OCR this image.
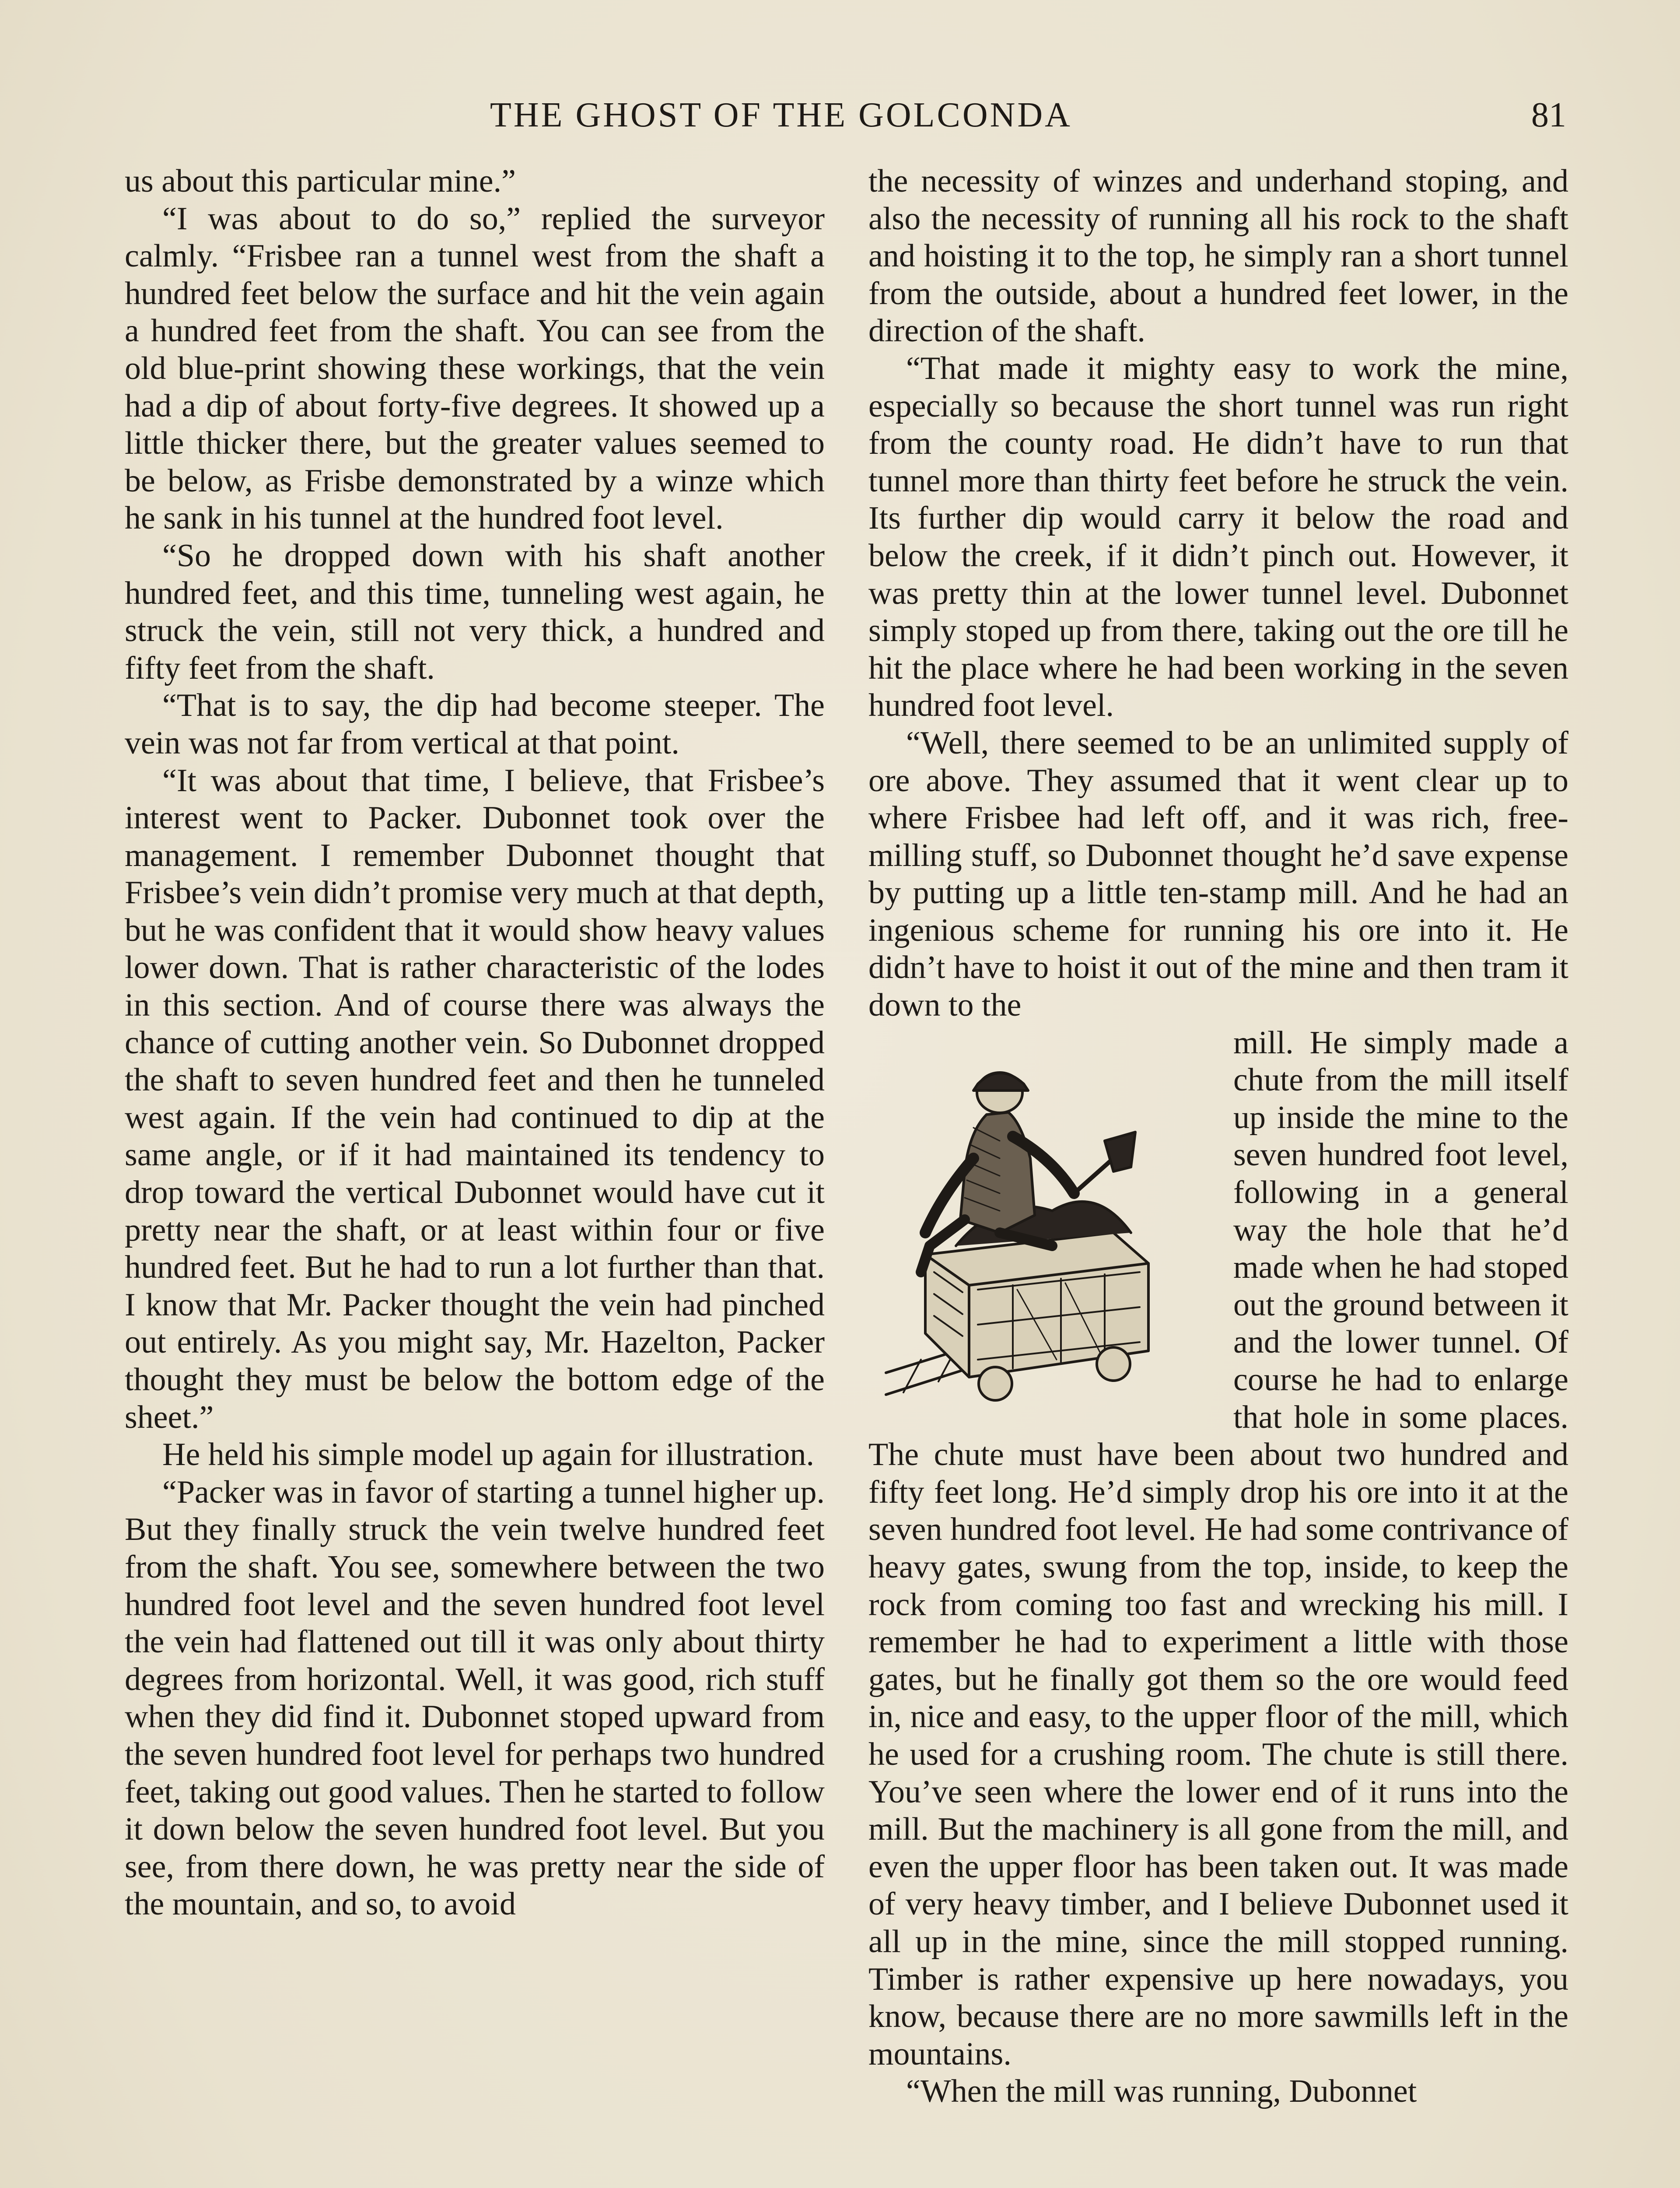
THE GHOST OF THE GOLCONDA	81

us about this particular mine.”

“I was about to do so,” replied the surveyor calmly. “Frisbee ran a tunnel west from the shaft a hundred feet below the surface and hit the vein again a hundred feet from the shaft. You can see from the old blue-print showing these workings, that the vein had a dip of about forty-five degrees. It showed up a little thicker there, but the greater values seemed to be below, as Frisbe demonstrated by a winze which he sank in his tunnel at the hundred foot level.

“So he dropped down with his shaft another hundred feet, and this time, tunneling west again, he struck the vein, still not very thick, a hundred and fifty feet from the shaft.

“That is to say, the dip had become steeper. The vein was not far from vertical at that point.

“It was about that time, I believe, that Frisbee’s interest went to Packer. Dubonnet took over the management. I remember Dubonnet thought that Frisbee’s vein didn’t promise very much at that depth, but he was confident that it would show heavy values lower down. That is rather characteristic of the lodes in this section. And of course there was always the chance of cutting another vein. So Dubonnet dropped the shaft to seven hundred feet and then he tunneled west again. If the vein had continued to dip at the same angle, or if it had maintained its tendency to drop toward the vertical Dubonnet would have cut it pretty near the shaft, or at least within four or five hundred feet. But he had to run a lot further than that. I know that Mr. Packer thought the vein had pinched out entirely. As you might say, Mr. Hazelton, Packer thought they must be below the bottom edge of the sheet.”

He held his simple model up again for illustration.

“Packer was in favor of starting a tunnel higher up. But they finally struck the vein twelve hundred feet from the shaft. You see, somewhere between the two hundred foot level and the seven hundred foot level the vein had flattened out till it was only about thirty degrees from horizontal. Well, it was good, rich stuff when they did find it. Dubonnet stoped upward from the seven hundred foot level for perhaps two hundred feet, taking out good values. Then he started to follow it down below the seven hundred foot level. But you see, from there down, he was pretty near the side of the mountain, and so, to avoid

the necessity of winzes and underhand stoping, and also the necessity of running all his rock to the shaft and hoisting it to the top, he simply ran a short tunnel from the outside, about a hundred feet lower, in the direction of the shaft.

“That made it mighty easy to work the mine, especially so because the short tunnel was run right from the county road. He didn’t have to run that tunnel more than thirty feet before he struck the vein. Its further dip would carry it below the road and below the creek, if it didn’t pinch out. However, it was pretty thin at the lower tunnel level. Dubonnet simply stoped up from there, taking out the ore till he hit the place where he had been working in the seven hundred foot level.

“Well, there seemed to be an unlimited supply of ore above. They assumed that it went clear up to where Frisbee had left off, and it was rich, free-milling stuff, so Dubonnet thought he’d save expense by putting up a little ten-stamp mill. And he had an ingenious scheme for running his ore into it. He didn’t have to hoist it out of the mine and then tram it down to the

mill. He simply made a chute from the mill itself up inside the mine to the seven hundred foot level, following in a general way the hole that he’d made when he had stoped out the ground between it and the lower tunnel. Of course he had to enlarge that hole in some places. The chute must have been about two hundred and fifty feet long. He’d simply drop his ore into it at the seven hundred foot level. He had some contrivance of heavy gates, swung from the top, inside, to keep the rock from coming too fast and wrecking his mill. I remember he had to experiment a little with those gates, but he finally got them so the ore would feed in, nice and easy, to the upper floor of the mill, which he used for a crushing room. The chute is still there. You’ve seen where the lower end of it runs into the mill. But the machinery is all gone from the mill, and even the upper floor has been taken out. It was made of very heavy timber, and I believe Dubonnet used it all up in the mine, since the mill stopped running. Timber is rather expensive up here nowadays, you know, because there are no more sawmills left in the mountains.

“When the mill was running, Dubonnet
